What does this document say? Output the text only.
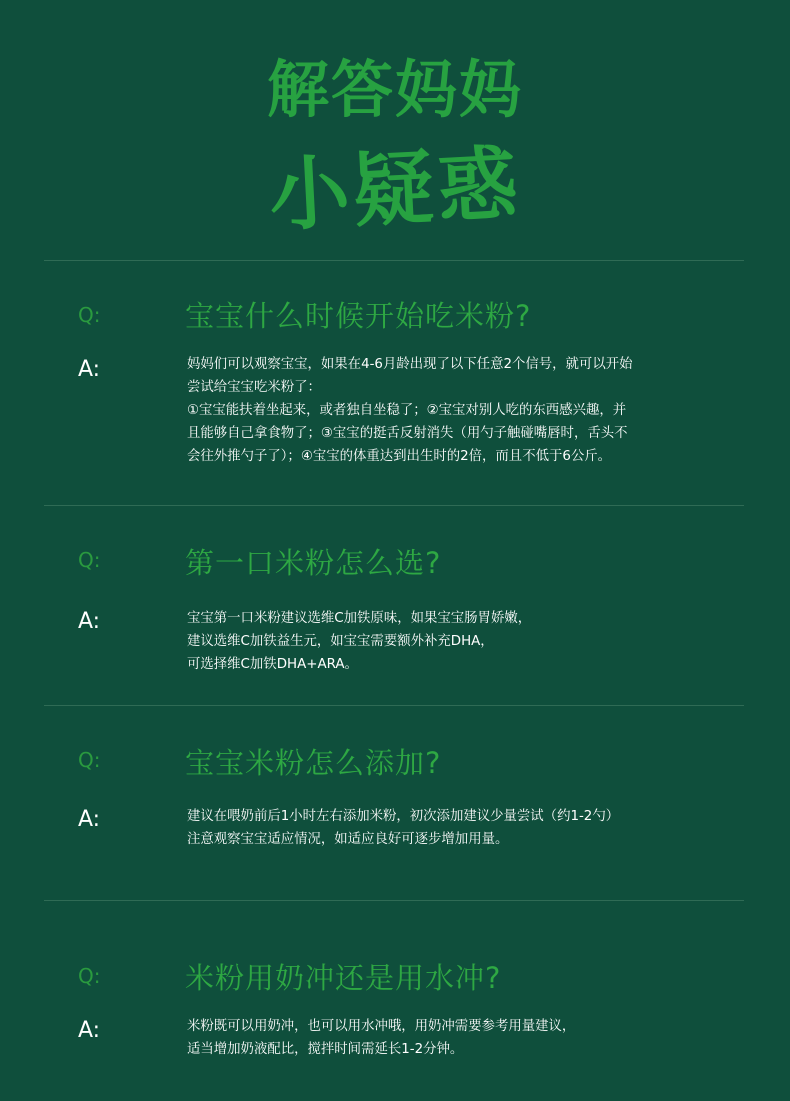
解答妈妈
小疑惑
Q:	宝宝什么时候开始吃米粉?
A:	妈妈们可以观察宝宝，如果在4-6月龄出现了以下任意2个信号，就可以开始
尝试给宝宝吃米粉了：
①宝宝能扶着坐起来，或者独自坐稳了；②宝宝对别人吃的东西感兴趣，并
且能够自己拿食物了；③宝宝的挺舌反射消失（用勺子触碰嘴唇时，舌头不
会往外推勺子了）；④宝宝的体重达到出生时的2倍，而且不低于6公斤。
Q:	第一口米粉怎么选?
A:	宝宝第一口米粉建议选维C加铁原味，如果宝宝肠胃娇嫩，
建议选维C加铁益生元，如宝宝需要额外补充DHA，
可选择维C加铁DHA+ARA。
Q:	宝宝米粉怎么添加?
A:	建议在喂奶前后1小时左右添加米粉，初次添加建议少量尝试（约1-2勺）
注意观察宝宝适应情况，如适应良好可逐步增加用量。
Q:	米粉用奶冲还是用水冲?
A:	米粉既可以用奶冲，也可以用水冲哦，用奶冲需要参考用量建议，
适当增加奶液配比，搅拌时间需延长1-2分钟。
